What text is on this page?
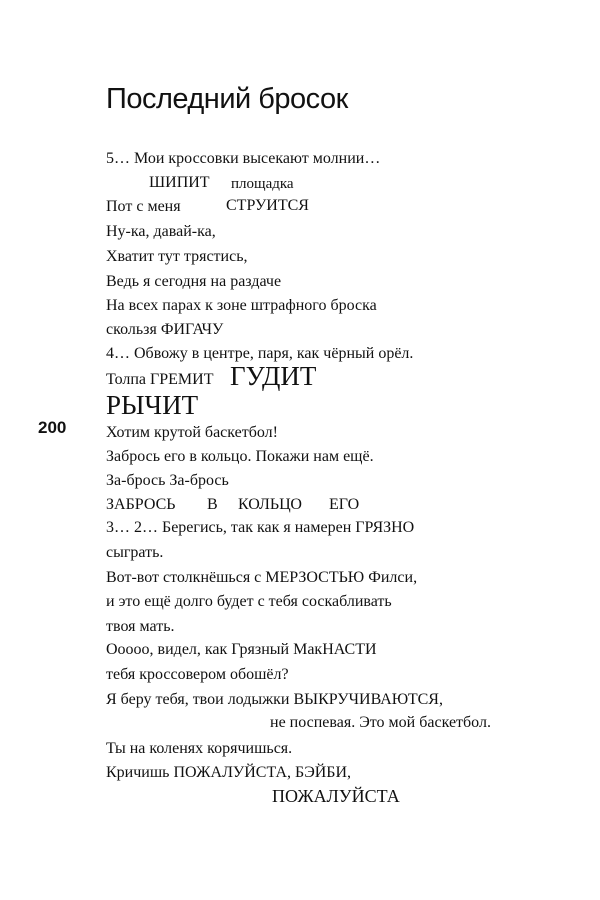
Последний бросок
200
5… Мои кроссовки высекают молнии…
ШИПИТ площадка
Пот с меня	СТРУИТСЯ
Ну-ка, давай-ка,
Хватит тут трястись,
Ведь я сегодня на раздаче
На всех парах к зоне штрафного броска
скользя ФИГАЧУ
4… Обвожу в центре, паря, как чёрный орёл.
Толпа ГРЕМИТ ГУДИТ
РЫЧИТ
Хотим крутой баскетбол!
Забрось его в кольцо. Покажи нам ещё.
За-брось За-брось
ЗАБРОСЬ В КОЛЬЦО ЕГО
3… 2… Берегись, так как я намерен ГРЯЗНО
сыграть.
Вот-вот столкнёшься с МЕРЗОСТЬЮ Филси,
и это ещё долго будет с тебя соскабливать
твоя мать.
Ооооо, видел, как Грязный МакНАСТИ
тебя кроссовером обошёл?
Я беру тебя, твои лодыжки ВЫКРУЧИВАЮТСЯ,
не поспевая. Это мой баскетбол.
Ты на коленях корячишься.
Кричишь ПОЖАЛУЙСТА, БЭЙБИ,
ПОЖАЛУЙСТА
